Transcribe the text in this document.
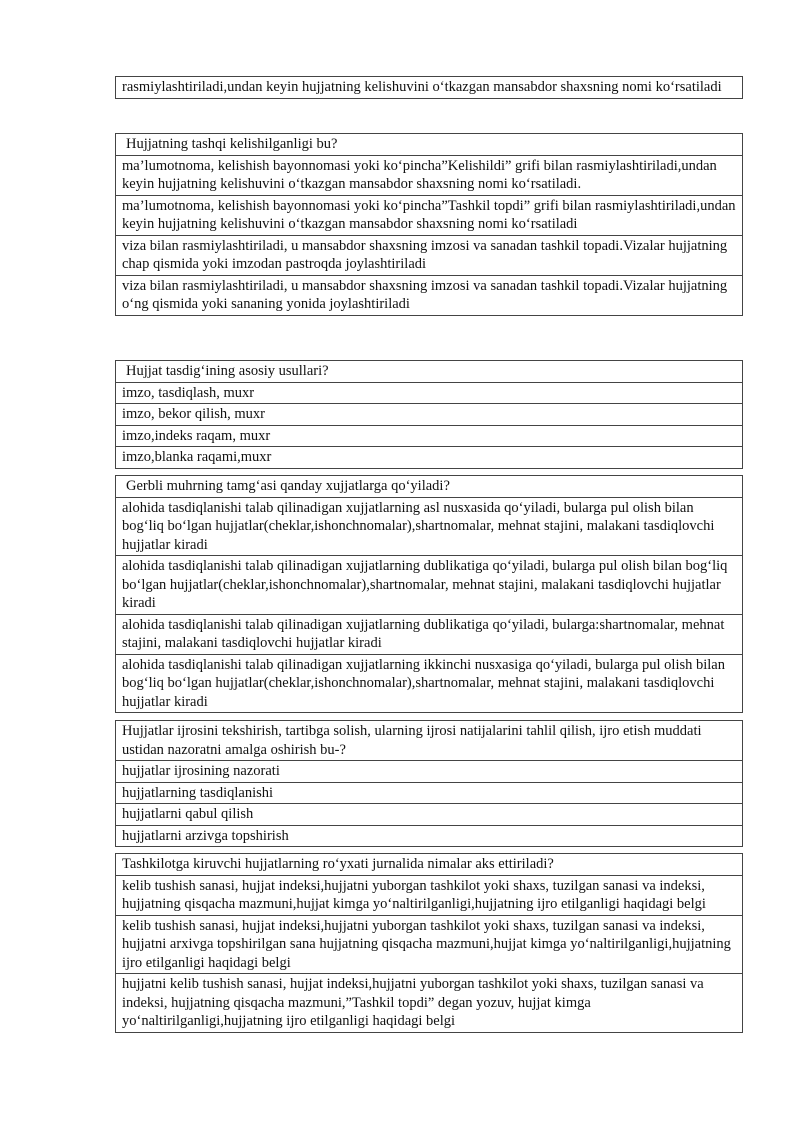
rasmiylashtiriladi,undan keyin hujjatning kelishuvini o‘tkazgan mansabdor shaxsning nomi ko‘rsatiladi
Hujjatning tashqi kelishilganligi bu?
ma’lumotnoma, kelishish bayonnomasi yoki ko‘pincha”Kelishildi” grifi bilan rasmiylashtiriladi,undan keyin hujjatning kelishuvini o‘tkazgan mansabdor shaxsning nomi ko‘rsatiladi.
ma’lumotnoma, kelishish bayonnomasi yoki ko‘pincha”Tashkil topdi” grifi bilan rasmiylashtiriladi,undan keyin hujjatning kelishuvini o‘tkazgan mansabdor shaxsning nomi ko‘rsatiladi
viza bilan rasmiylashtiriladi, u mansabdor shaxsning imzosi va sanadan tashkil topadi.Vizalar hujjatning chap qismida yoki imzodan pastroqda joylashtiriladi
viza bilan rasmiylashtiriladi, u mansabdor shaxsning imzosi va sanadan tashkil topadi.Vizalar hujjatning o‘ng qismida yoki sananing yonida joylashtiriladi
Hujjat tasdig‘ining asosiy usullari?
imzo, tasdiqlash, muxr
imzo, bekor qilish, muxr
imzo,indeks raqam, muxr
imzo,blanka raqami,muxr
Gerbli muhrning tamg‘asi qanday xujjatlarga qo‘yiladi?
alohida tasdiqlanishi talab qilinadigan xujjatlarning asl nusxasida qo‘yiladi, bularga pul olish bilan bog‘liq bo‘lgan hujjatlar(cheklar,ishonchnomalar),shartnomalar, mehnat stajini, malakani tasdiqlovchi hujjatlar kiradi
alohida tasdiqlanishi talab qilinadigan xujjatlarning dublikatiga qo‘yiladi, bularga pul olish bilan bog‘liq bo‘lgan hujjatlar(cheklar,ishonchnomalar),shartnomalar, mehnat stajini, malakani tasdiqlovchi hujjatlar kiradi
alohida tasdiqlanishi talab qilinadigan xujjatlarning dublikatiga qo‘yiladi, bularga:shartnomalar, mehnat stajini, malakani tasdiqlovchi hujjatlar kiradi
alohida tasdiqlanishi talab qilinadigan xujjatlarning ikkinchi nusxasiga qo‘yiladi, bularga pul olish bilan bog‘liq bo‘lgan hujjatlar(cheklar,ishonchnomalar),shartnomalar, mehnat stajini, malakani tasdiqlovchi hujjatlar kiradi
Hujjatlar ijrosini tekshirish, tartibga solish, ularning ijrosi natijalarini tahlil qilish, ijro etish muddati ustidan nazoratni amalga oshirish bu-?
hujjatlar ijrosining nazorati
hujjatlarning tasdiqlanishi
hujjatlarni qabul qilish
hujjatlarni arzivga topshirish
Tashkilotga kiruvchi hujjatlarning ro‘yxati jurnalida nimalar aks ettiriladi?
kelib tushish sanasi, hujjat indeksi,hujjatni yuborgan tashkilot yoki shaxs, tuzilgan sanasi va indeksi, hujjatning qisqacha mazmuni,hujjat kimga yo‘naltirilganligi,hujjatning ijro etilganligi haqidagi belgi
kelib tushish sanasi, hujjat indeksi,hujjatni yuborgan tashkilot yoki shaxs, tuzilgan sanasi va indeksi, hujjatni arxivga topshirilgan sana hujjatning qisqacha mazmuni,hujjat kimga yo‘naltirilganligi,hujjatning ijro etilganligi haqidagi belgi
hujjatni kelib tushish sanasi, hujjat indeksi,hujjatni yuborgan tashkilot yoki shaxs, tuzilgan sanasi va indeksi, hujjatning qisqacha mazmuni,”Tashkil topdi” degan yozuv, hujjat kimga yo‘naltirilganligi,hujjatning ijro etilganligi haqidagi belgi
